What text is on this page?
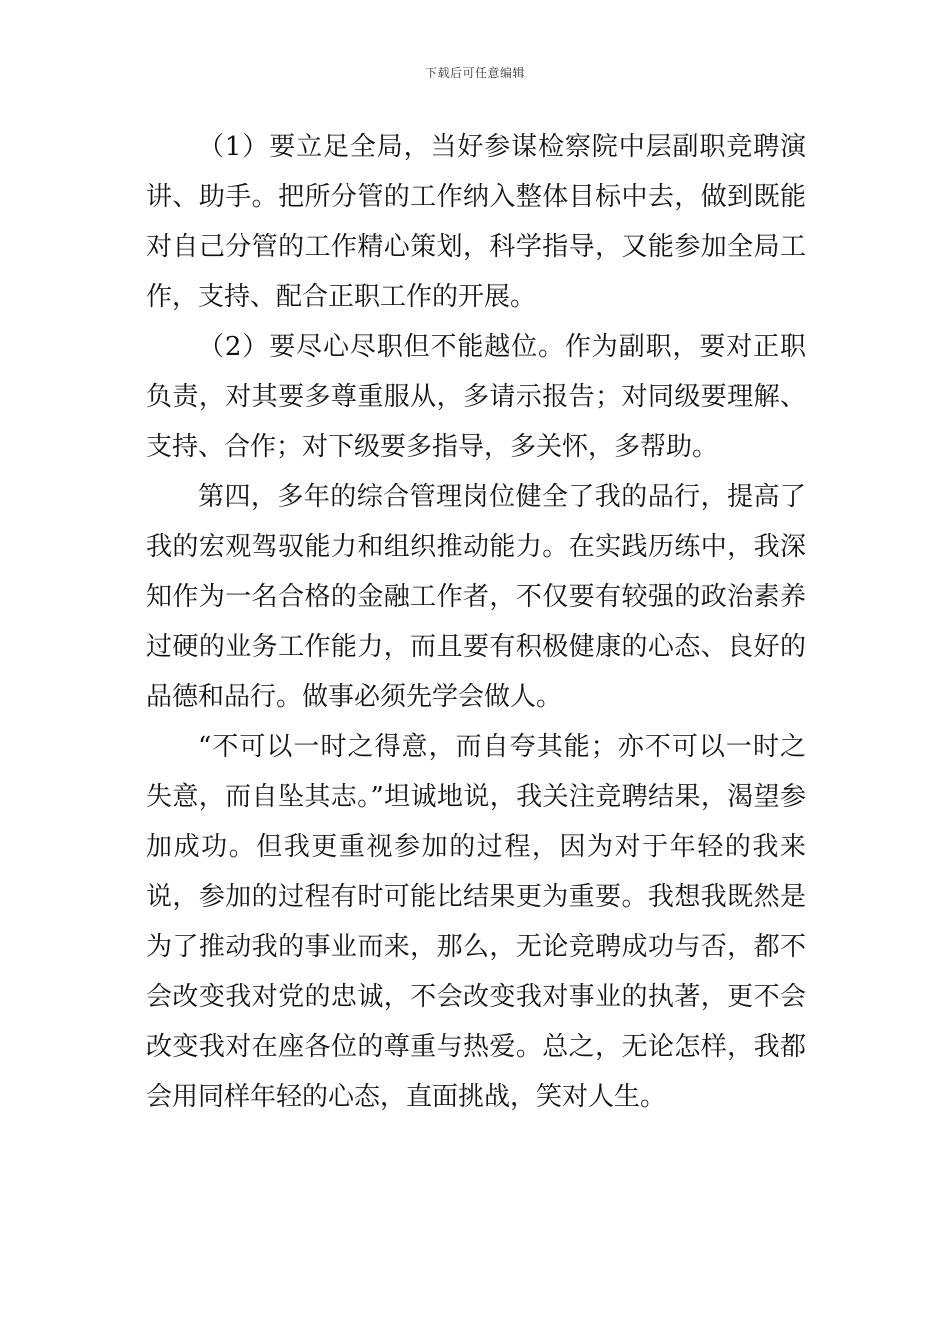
下载后可任意编辑

（1）要立足全局，当好参谋检察院中层副职竞聘演讲、助手。把所分管的工作纳入整体目标中去，做到既能对自己分管的工作精心策划，科学指导，又能参加全局工作，支持、配合正职工作的开展。

（2）要尽心尽职但不能越位。作为副职，要对正职负责，对其要多尊重服从，多请示报告；对同级要理解、支持、合作；对下级要多指导，多关怀，多帮助。

第四，多年的综合管理岗位健全了我的品行，提高了我的宏观驾驭能力和组织推动能力。在实践历练中，我深知作为一名合格的金融工作者，不仅要有较强的政治素养过硬的业务工作能力，而且要有积极健康的心态、良好的品德和品行。做事必须先学会做人。

“不可以一时之得意，而自夸其能；亦不可以一时之失意，而自坠其志。”坦诚地说，我关注竞聘结果，渴望参加成功。但我更重视参加的过程，因为对于年轻的我来说，参加的过程有时可能比结果更为重要。我想我既然是为了推动我的事业而来，那么，无论竞聘成功与否，都不会改变我对党的忠诚，不会改变我对事业的执著，更不会改变我对在座各位的尊重与热爱。总之，无论怎样，我都会用同样年轻的心态，直面挑战，笑对人生。
